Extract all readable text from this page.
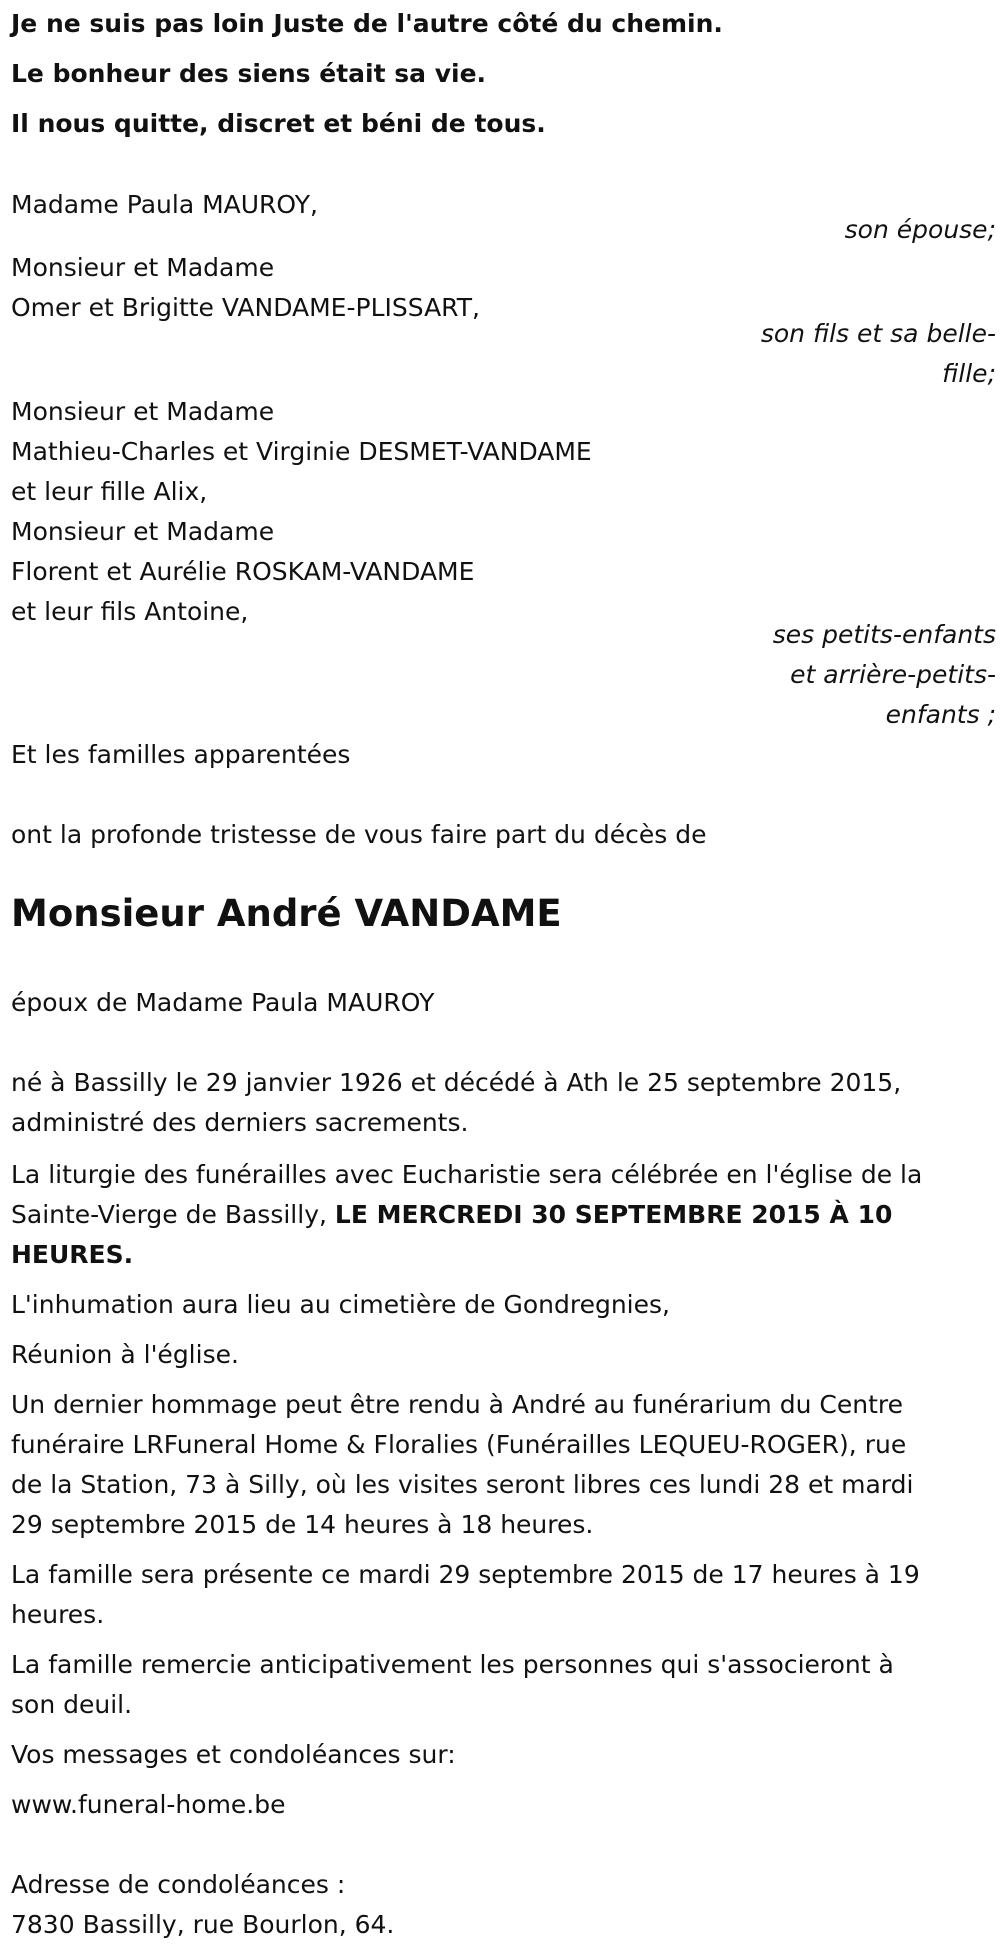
Je ne suis pas loin Juste de l'autre côté du chemin.
Le bonheur des siens était sa vie.
Il nous quitte, discret et béni de tous.
Madame Paula MAUROY,
son épouse;
Monsieur et Madame
Omer et Brigitte VANDAME-PLISSART,
son fils et sa belle-
fille;
Monsieur et Madame
Mathieu-Charles et Virginie DESMET-VANDAME
et leur fille Alix,
Monsieur et Madame
Florent et Aurélie ROSKAM-VANDAME
et leur fils Antoine,
ses petits-enfants
et arrière-petits-
enfants ;
Et les familles apparentées
ont la profonde tristesse de vous faire part du décès de
Monsieur André VANDAME
époux de Madame Paula MAUROY
né à Bassilly le 29 janvier 1926 et décédé à Ath le 25 septembre 2015,
administré des derniers sacrements.
La liturgie des funérailles avec Eucharistie sera célébrée en l'église de la
Sainte-Vierge de Bassilly, LE MERCREDI 30 SEPTEMBRE 2015 À 10
HEURES.
L'inhumation aura lieu au cimetière de Gondregnies,
Réunion à l'église.
Un dernier hommage peut être rendu à André au funérarium du Centre
funéraire LRFuneral Home & Floralies (Funérailles LEQUEU-ROGER), rue
de la Station, 73 à Silly, où les visites seront libres ces lundi 28 et mardi
29 septembre 2015 de 14 heures à 18 heures.
La famille sera présente ce mardi 29 septembre 2015 de 17 heures à 19
heures.
La famille remercie anticipativement les personnes qui s'associeront à
son deuil.
Vos messages et condoléances sur:
www.funeral-home.be
Adresse de condoléances :
7830 Bassilly, rue Bourlon, 64.
